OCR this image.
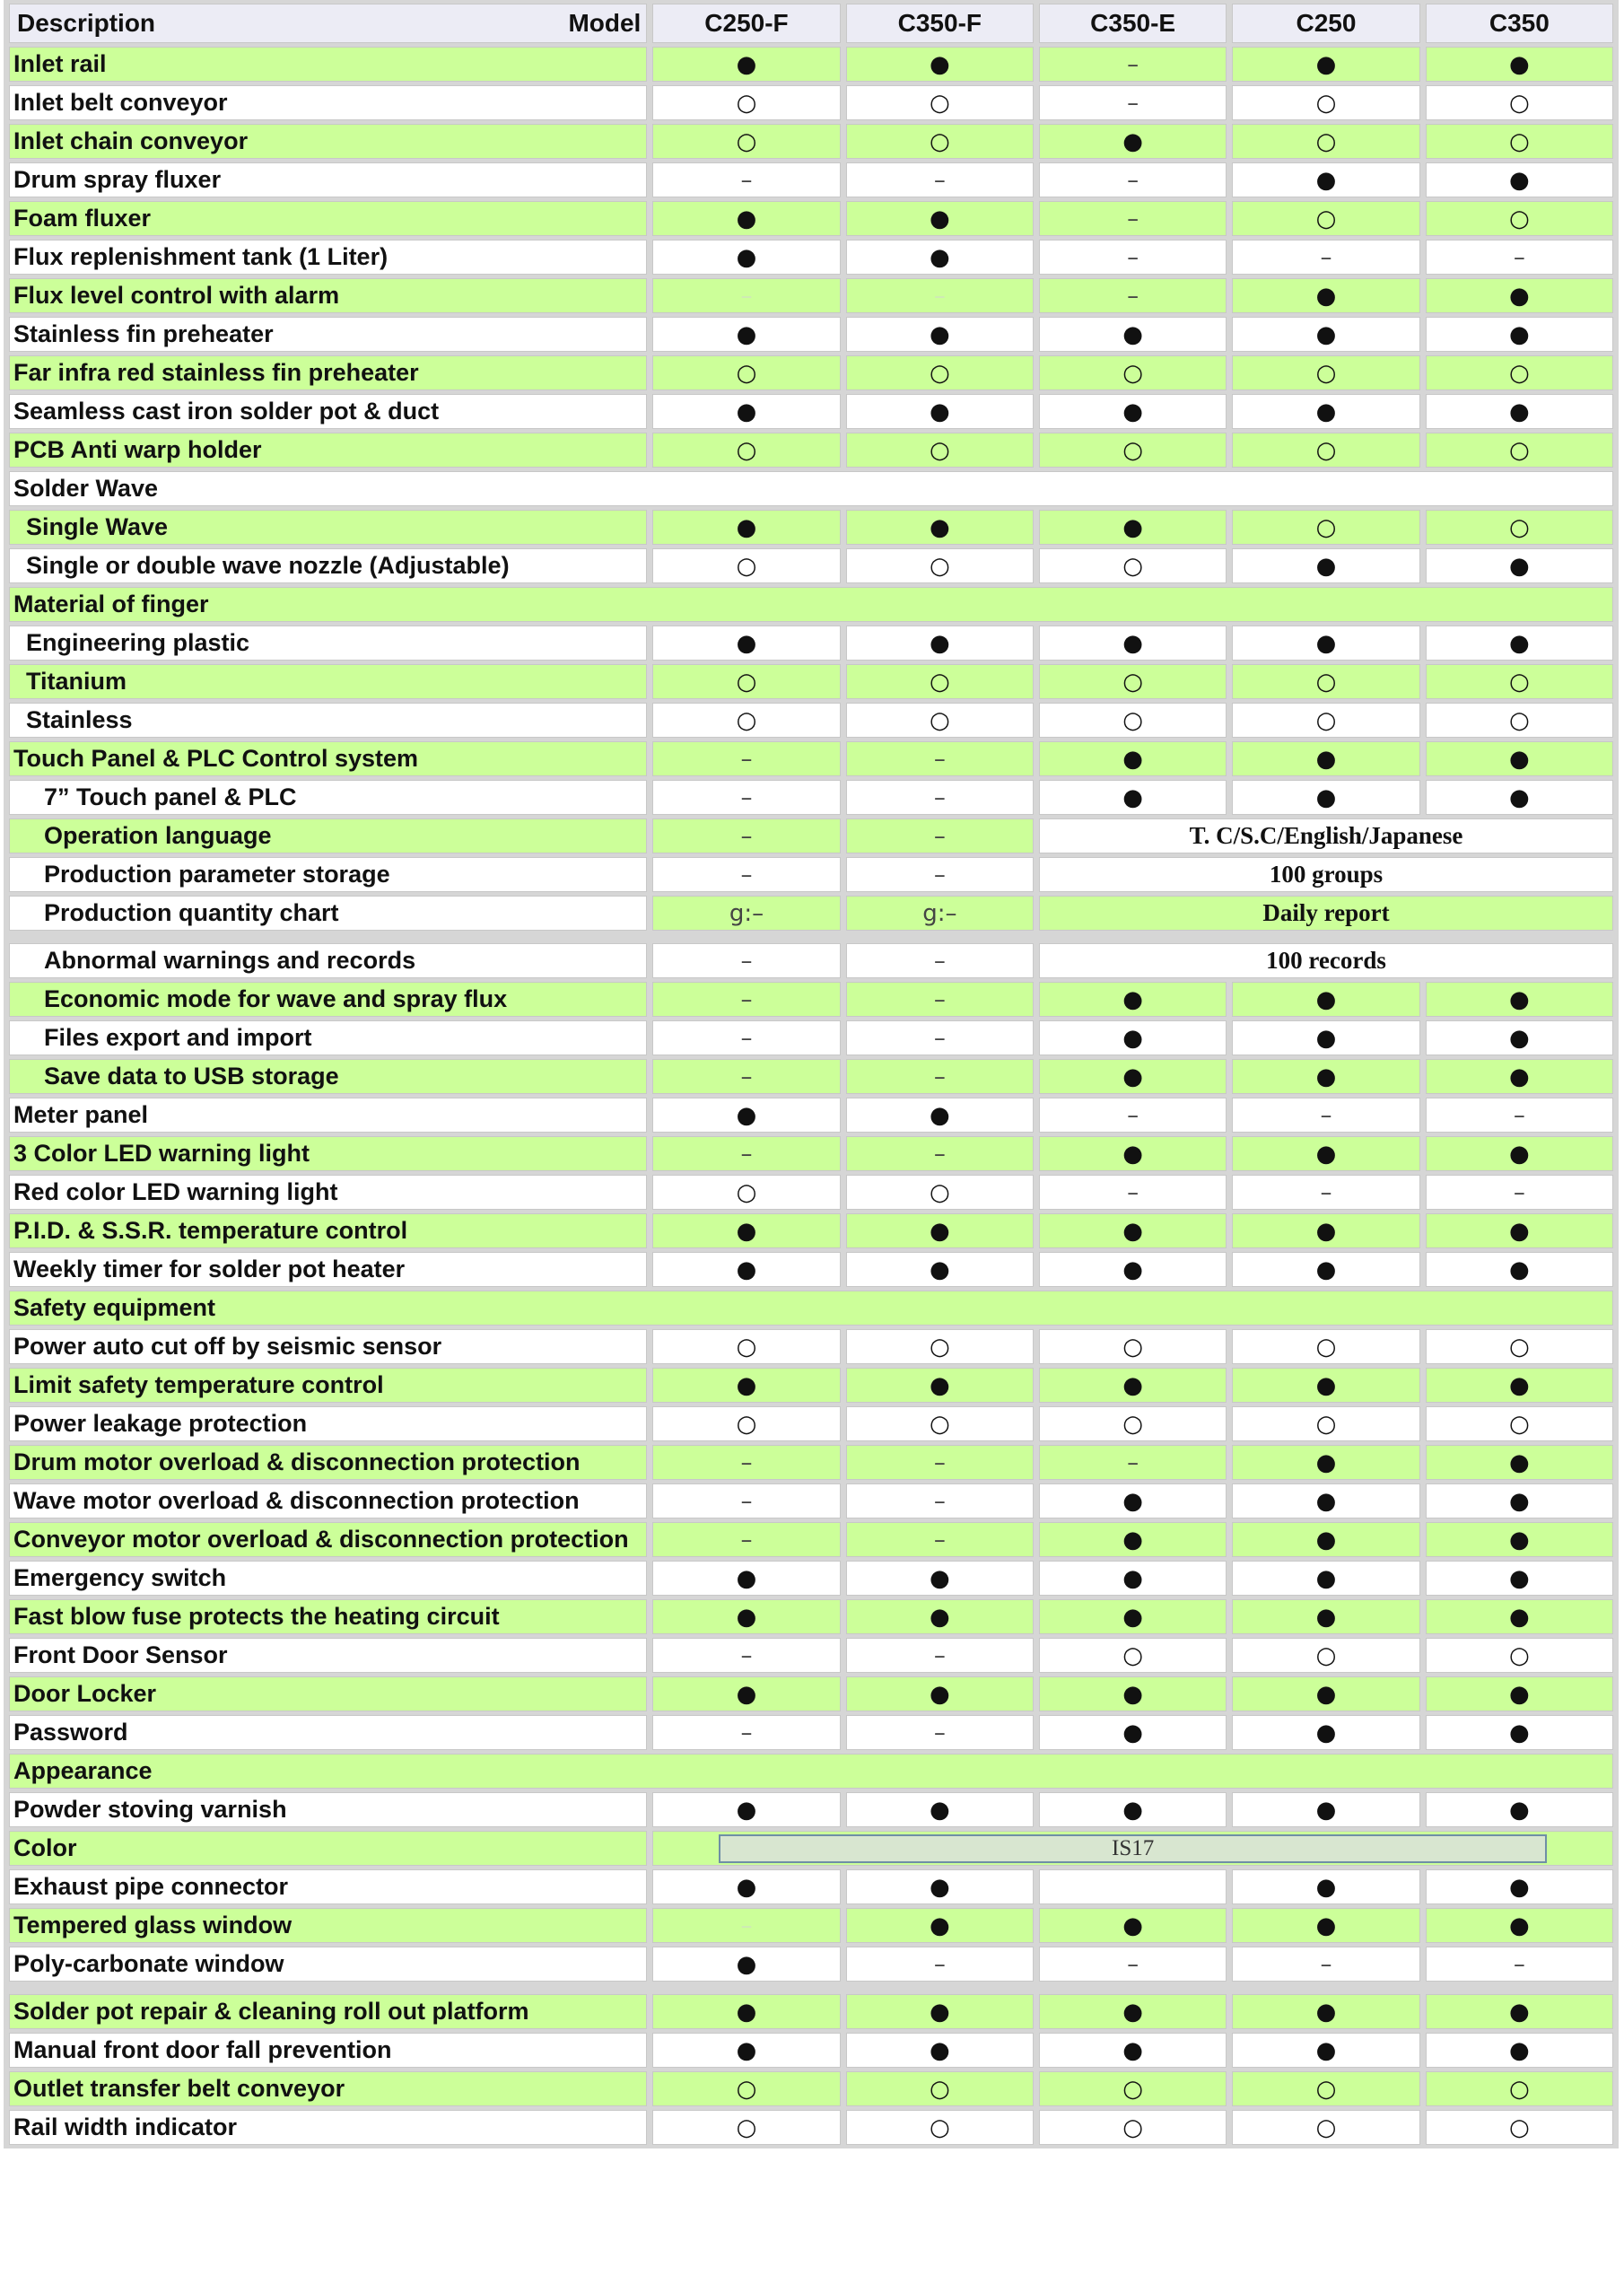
Description Model	C250-F	C350-F	C350-E	C250	C350
Inlet rail	●	●	–	●	●
Inlet belt conveyor	○	○	–	○	○
Inlet chain conveyor	○	○	●	○	○
Drum spray fluxer	–	–	–	●	●
Foam fluxer	●	●	–	○	○
Flux replenishment tank (1 Liter)	●	●	–	–	–
Flux level control with alarm	–	–	–	●	●
Stainless fin preheater	●	●	●	●	●
Far infra red stainless fin preheater	○	○	○	○	○
Seamless cast iron solder pot & duct	●	●	●	●	●
PCB Anti warp holder	○	○	○	○	○
Solder Wave					
Single Wave	●	●	●	○	○
Single or double wave nozzle (Adjustable)	○	○	○	●	●
Material of finger					
Engineering plastic	●	●	●	●	●
Titanium	○	○	○	○	○
Stainless	○	○	○	○	○
Touch Panel & PLC Control system	–	–	●	●	●
7” Touch panel & PLC	–	–	●	●	●
Operation language	–	–	T. C/S.C/English/Japanese		
Production parameter storage	–	–	100 groups		
Production quantity chart	g:–	g:–	Daily report		

Abnormal warnings and records	–	–	100 records		
Economic mode for wave and spray flux	–	–	●	●	●
Files export and import	–	–	●	●	●
Save data to USB storage	–	–	●	●	●
Meter panel	●	●	–	–	–
3 Color LED warning light	–	–	●	●	●
Red color LED warning light	○	○	–	–	–
P.I.D. & S.S.R. temperature control	●	●	●	●	●
Weekly timer for solder pot heater	●	●	●	●	●
Safety equipment					
Power auto cut off by seismic sensor	○	○	○	○	○
Limit safety temperature control	●	●	●	●	●
Power leakage protection	○	○	○	○	○
Drum motor overload & disconnection protection	–	–	–	●	●
Wave motor overload & disconnection protection	–	–	●	●	●
Conveyor motor overload & disconnection protection	–	–	●	●	●
Emergency switch	●	●	●	●	●
Fast blow fuse protects the heating circuit	●	●	●	●	●
Front Door Sensor	–	–	○	○	○
Door Locker	●	●	●	●	●
Password	–	–	●	●	●
Appearance					
Powder stoving varnish	●	●	●	●	●
Color	IS17				

Exhaust pipe connector	●	●		●	●
Tempered glass window	–	●	●	●	●
Poly-carbonate window	●	–	–	–	–

Solder pot repair & cleaning roll out platform	●	●	●	●	●
Manual front door fall prevention	●	●	●	●	●
Outlet transfer belt conveyor	○	○	○	○	○
Rail width indicator	○	○	○	○	○
